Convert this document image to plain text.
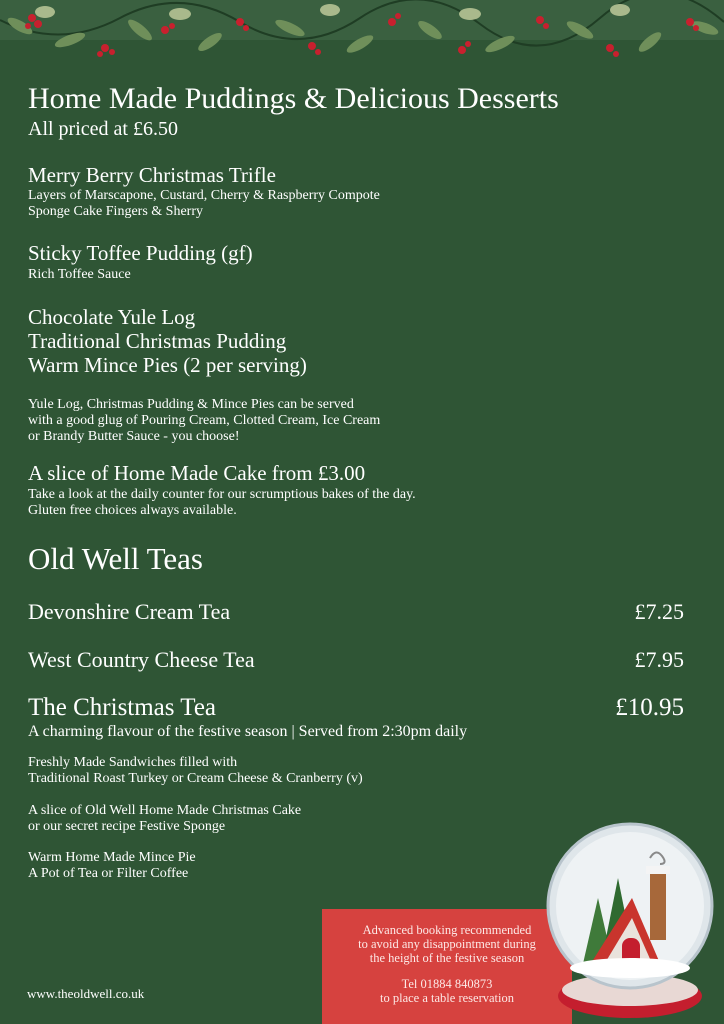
Home Made Puddings & Delicious Desserts
All priced at £6.50
Merry Berry Christmas Trifle
Layers of Marscapone, Custard, Cherry & Raspberry Compote
Sponge Cake Fingers & Sherry
Sticky Toffee Pudding (gf)
Rich Toffee Sauce
Chocolate Yule Log
Traditional Christmas Pudding
Warm Mince Pies (2 per serving)
Yule Log, Christmas Pudding & Mince Pies can be served
with a good glug of Pouring Cream, Clotted Cream, Ice Cream
or Brandy Butter Sauce - you choose!
A slice of Home Made Cake from £3.00
Take a look at the daily counter for our scrumptious bakes of the day.
Gluten free choices always available.
Old Well Teas
Devonshire Cream Tea	£7.25
West Country Cheese Tea	£7.95
The Christmas Tea	£10.95
A charming flavour of the festive season | Served from 2:30pm daily
Freshly Made Sandwiches filled with
Traditional Roast Turkey or Cream Cheese & Cranberry (v)
A slice of Old Well Home Made Christmas Cake
or our secret recipe Festive Sponge
Warm Home Made Mince Pie
A Pot of Tea or Filter Coffee
Advanced booking recommended
to avoid any disappointment during
the height of the festive season
Tel 01884 840873
to place a table reservation
www.theoldwell.co.uk
